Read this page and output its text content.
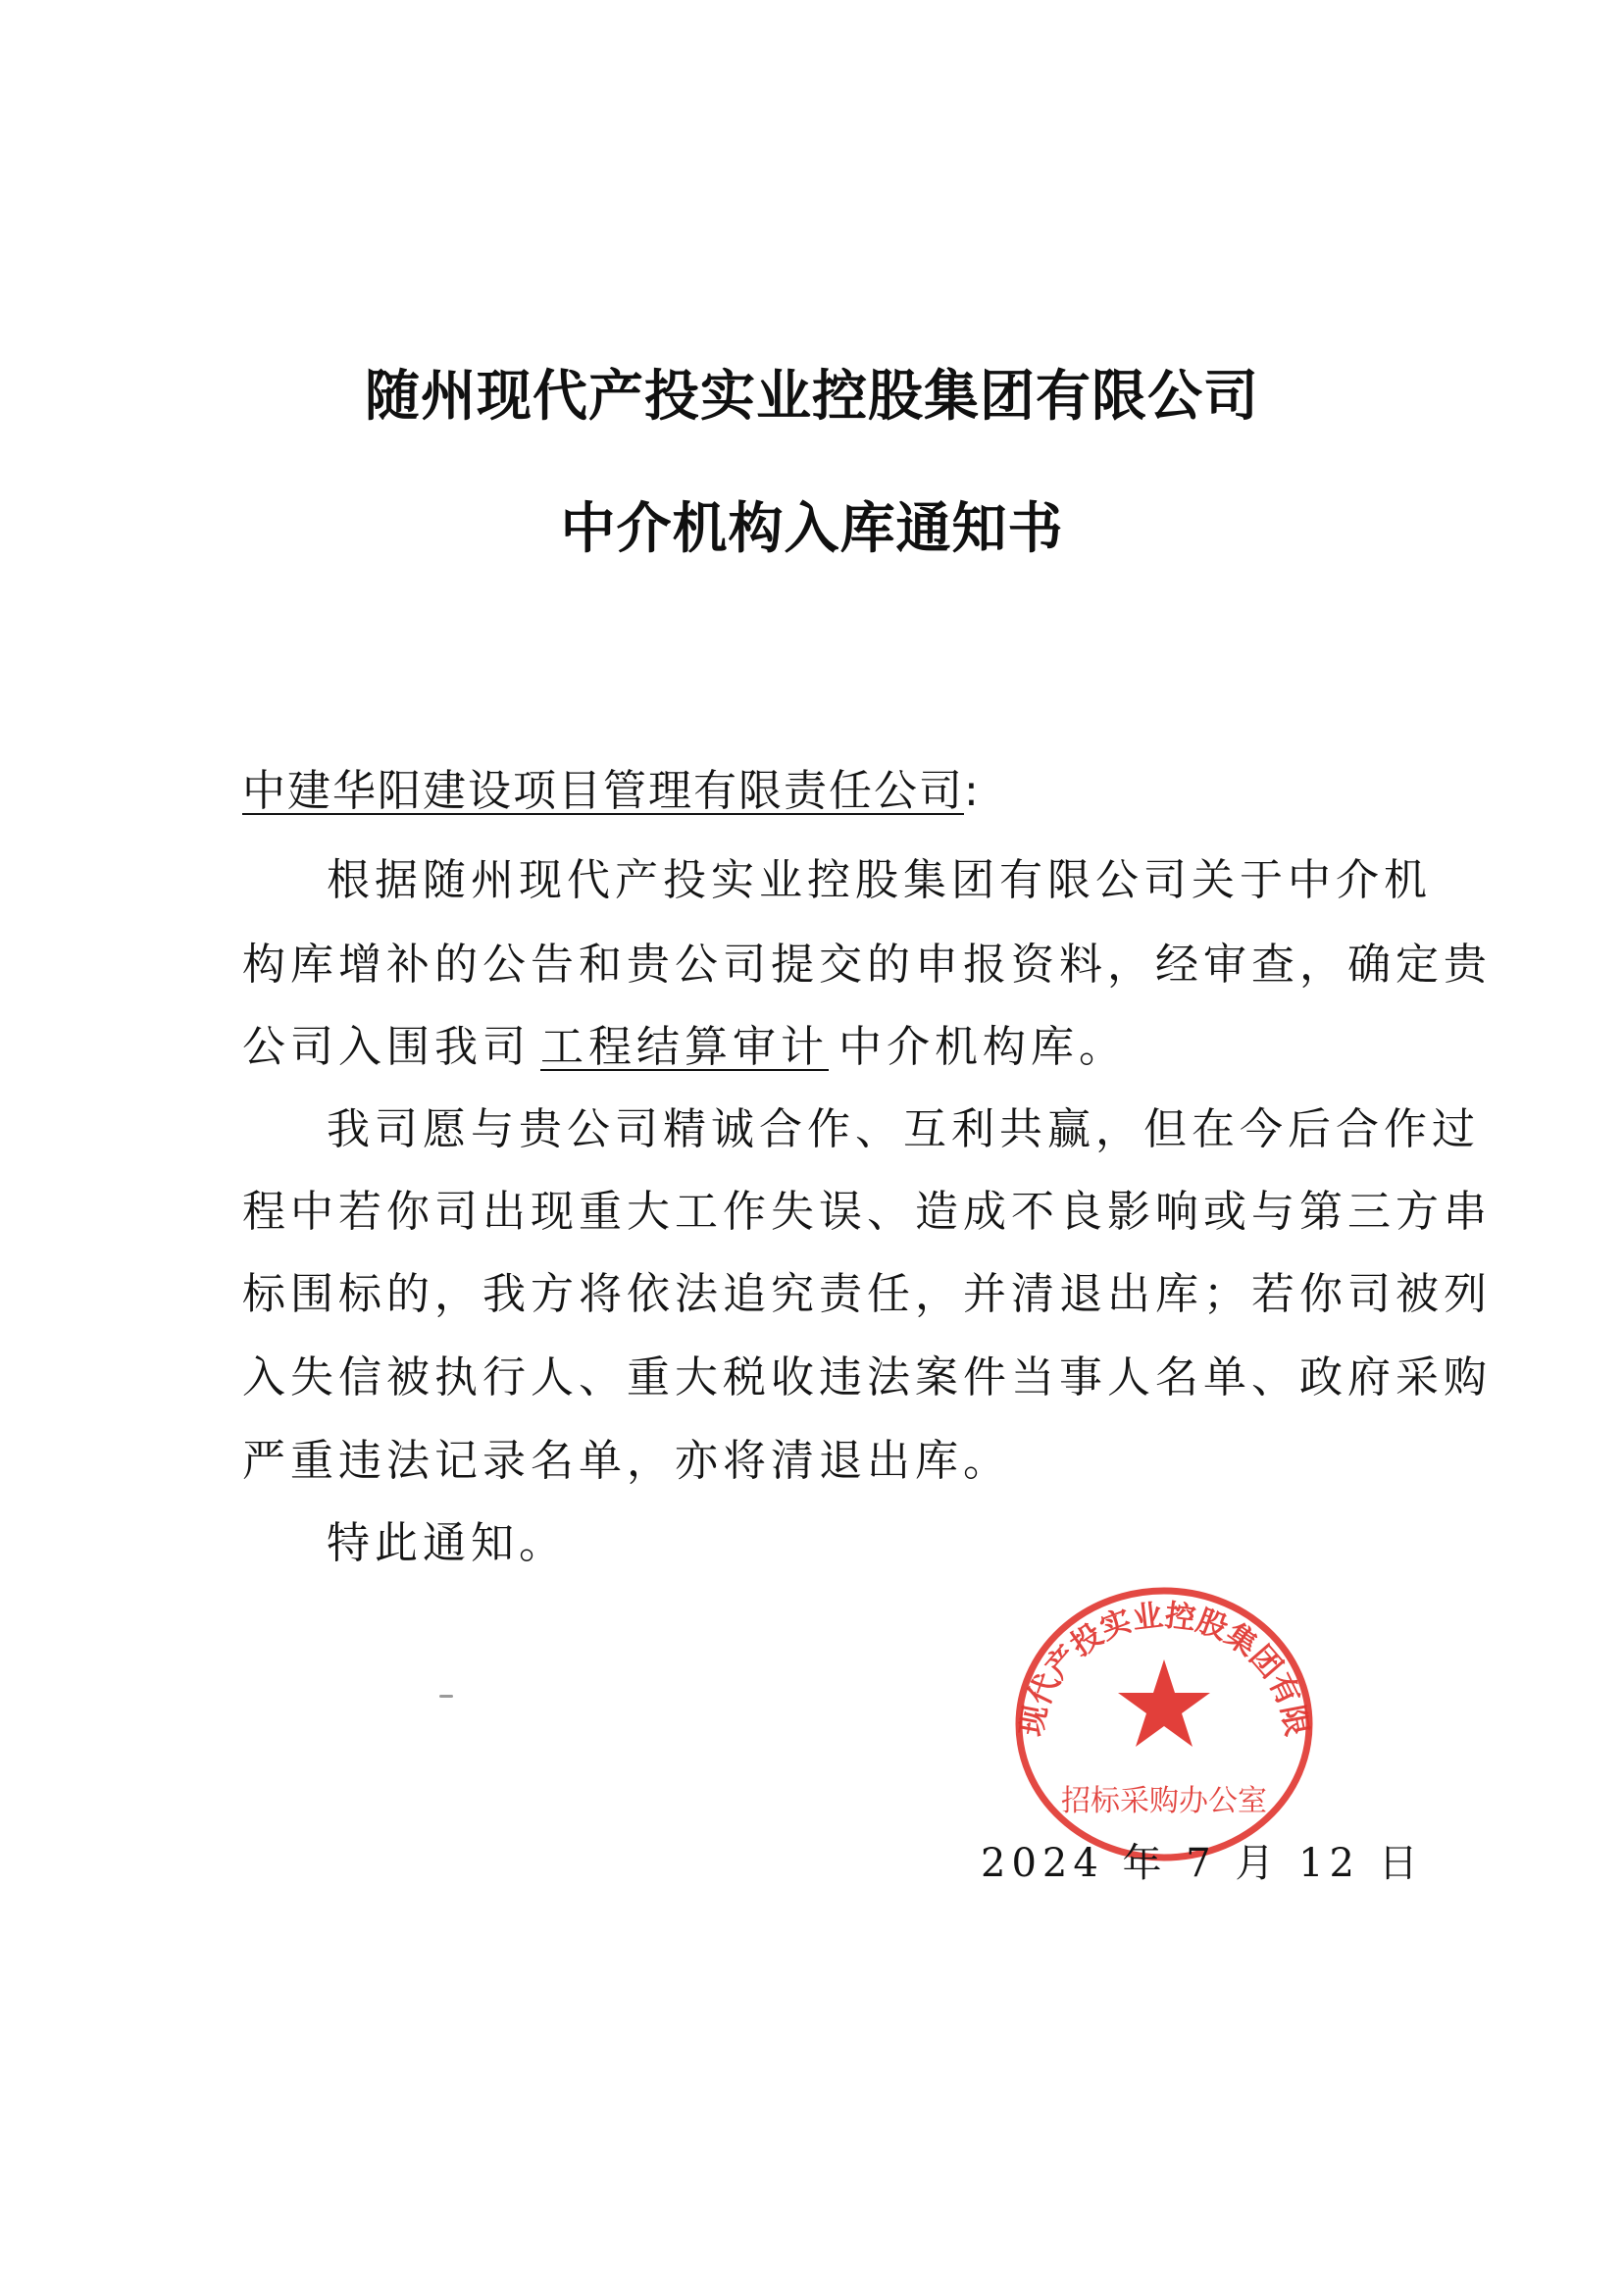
随州现代产投实业控股集团有限公司
中介机构入库通知书
中建华阳建设项目管理有限责任公司:
根据随州现代产投实业控股集团有限公司关于中介机
构库增补的公告和贵公司提交的申报资料，经审查，确定贵
公司入围我司 工程结算审计 中介机构库。
我司愿与贵公司精诚合作、互利共赢，但在今后合作过
程中若你司出现重大工作失误、造成不良影响或与第三方串
标围标的，我方将依法追究责任，并清退出库；若你司被列
入失信被执行人、重大税收违法案件当事人名单、政府采购
严重违法记录名单，亦将清退出库。
特此通知。
现代产投实业控股集团有限
招标采购办公室
2024 年 7 月 12 日
